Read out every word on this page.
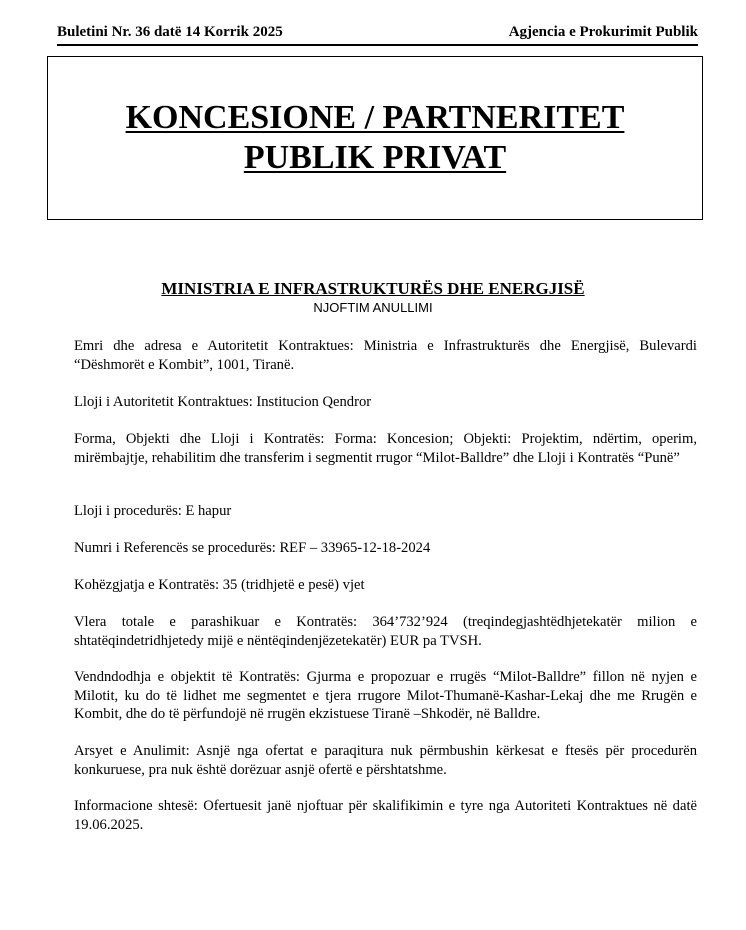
Buletini Nr. 36 datë 14 Korrik 2025	Agjencia e Prokurimit Publik
KONCESIONE / PARTNERITET
PUBLIK PRIVAT
MINISTRIA E INFRASTRUKTURËS DHE ENERGJISË
NJOFTIM ANULLIMI
Emri dhe adresa e Autoritetit Kontraktues: Ministria e Infrastrukturës dhe Energjisë, Bulevardi “Dëshmorët e Kombit”, 1001, Tiranë.
Lloji i Autoritetit Kontraktues: Institucion Qendror
Forma, Objekti dhe Lloji i Kontratës: Forma: Koncesion; Objekti: Projektim, ndërtim, operim, mirëmbajtje, rehabilitim dhe transferim i segmentit rrugor “Milot-Balldre” dhe Lloji i Kontratës “Punë”
Lloji i procedurës: E hapur
Numri i Referencës se procedurës: REF – 33965-12-18-2024
Kohëzgjatja e Kontratës: 35 (tridhjetë e pesë) vjet
Vlera totale e parashikuar e Kontratës: 364’732’924 (treqindegjashtëdhjetekatër milion e shtatëqindetridhjetedy mijë e nëntëqindenjëzetekatër) EUR pa TVSH.
Vendndodhja e objektit të Kontratës: Gjurma e propozuar e rrugës “Milot-Balldre” fillon në nyjen e Milotit, ku do të lidhet me segmentet e tjera rrugore Milot-Thumanë-Kashar-Lekaj dhe me Rrugën e Kombit, dhe do të përfundojë në rrugën ekzistuese Tiranë –Shkodër, në Balldre.
Arsyet e Anulimit: Asnjë nga ofertat e paraqitura nuk përmbushin kërkesat e ftesës për procedurën konkuruese, pra nuk është dorëzuar asnjë ofertë e përshtatshme.
Informacione shtesë: Ofertuesit janë njoftuar për skalifikimin e tyre nga Autoriteti Kontraktues në datë 19.06.2025.
